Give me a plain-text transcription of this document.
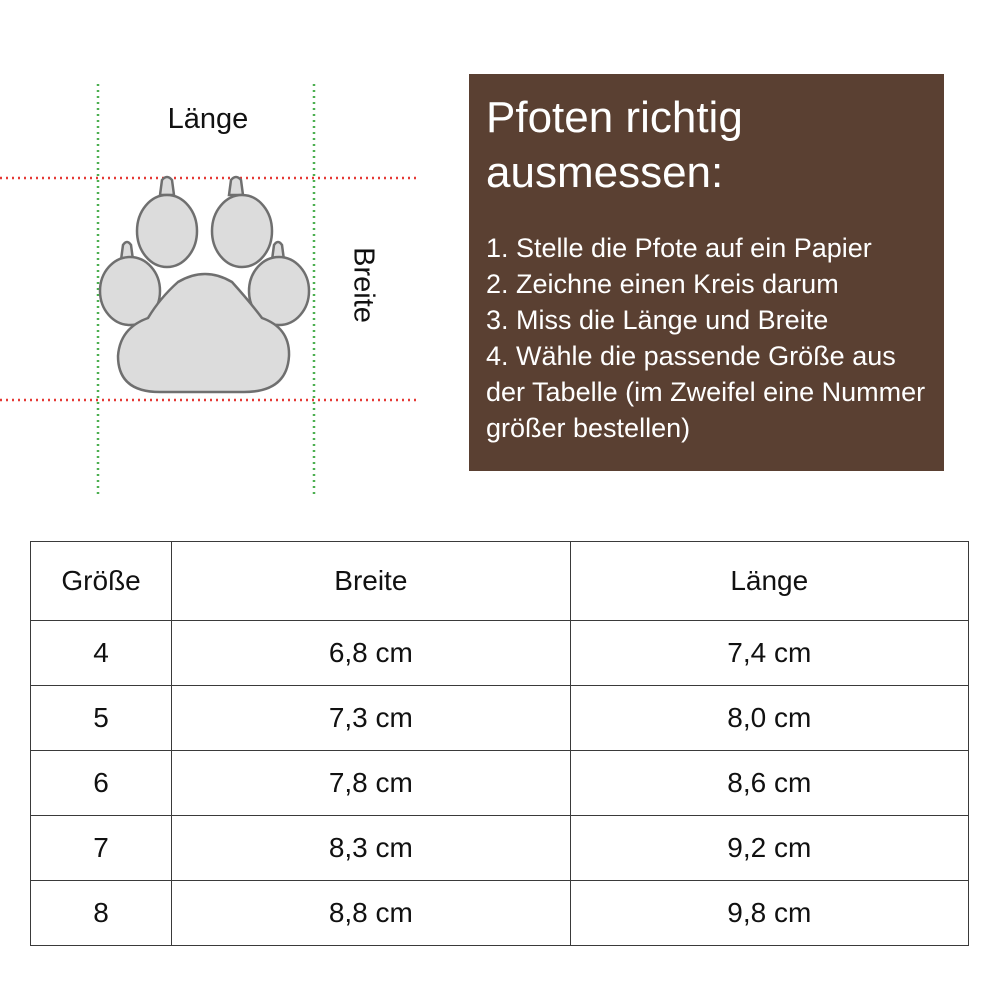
Länge
Breite
Pfoten richtig ausmessen:
1. Stelle die Pfote auf ein Papier
2. Zeichne einen Kreis darum
3. Miss die Länge und Breite
4. Wähle die passende Größe aus der Tabelle (im Zweifel eine Nummer größer bestellen)
Größe	Breite	Länge
4	6,8 cm	7,4 cm
5	7,3 cm	8,0 cm
6	7,8 cm	8,6 cm
7	8,3 cm	9,2 cm
8	8,8 cm	9,8 cm
